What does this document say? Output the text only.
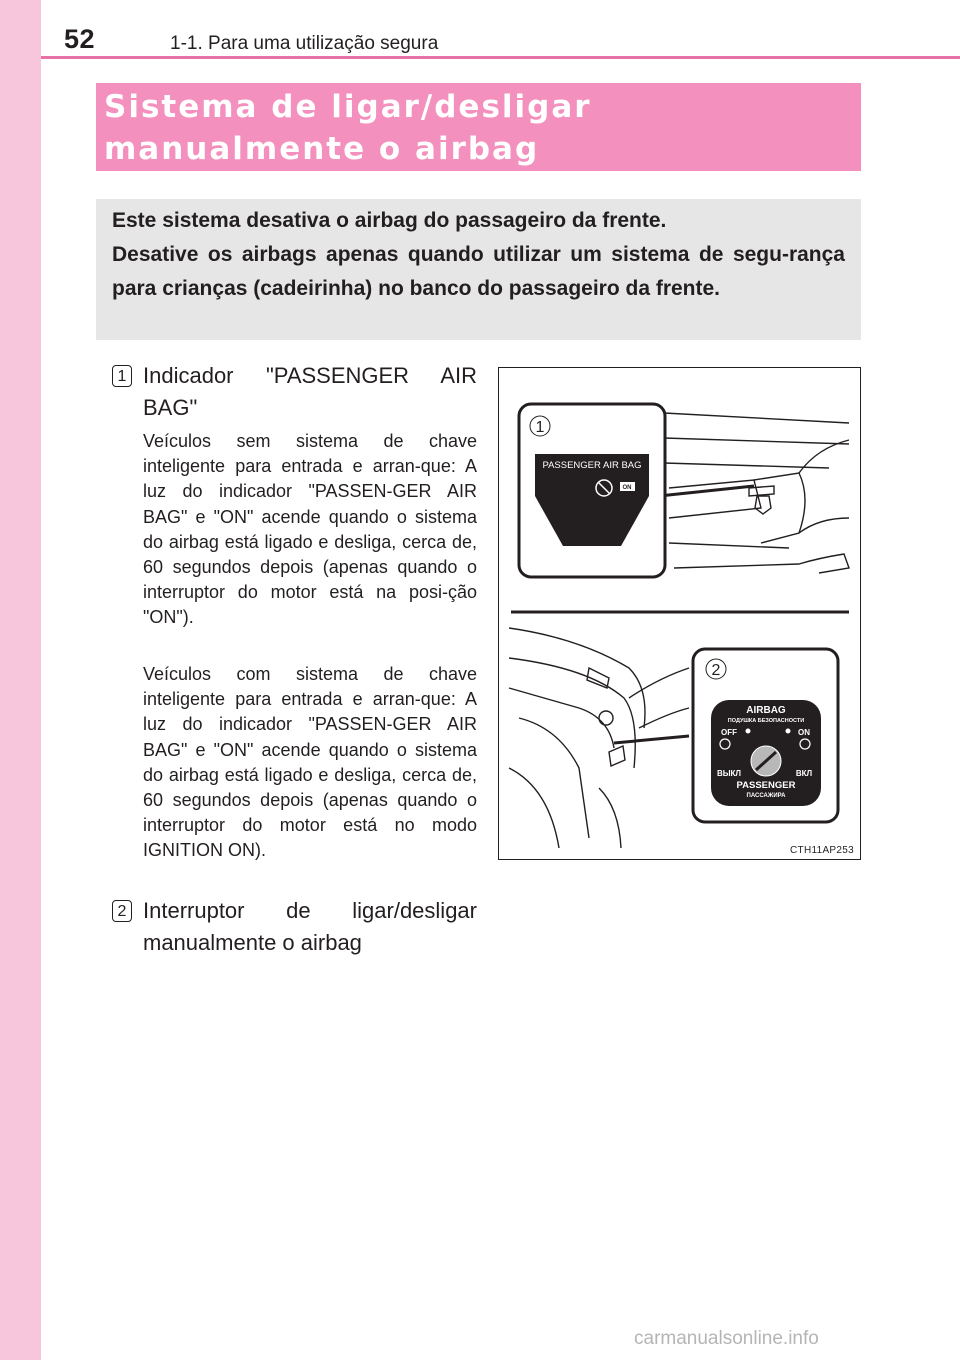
52	1-1. Para uma utilização segura
Sistema de ligar/desligar manualmente o airbag

Este sistema desativa o airbag do passageiro da frente.

Desative os airbags apenas quando utilizar um sistema de segu-rança para crianças (cadeirinha) no banco do passageiro da frente.

1 Indicador "PASSENGER AIR BAG"

Veículos sem sistema de chave inteligente para entrada e arran-que: A luz do indicador "PASSEN-GER AIR BAG" e "ON" acende quando o sistema do airbag está ligado e desliga, cerca de, 60 segundos depois (apenas quando o interruptor do motor está na posi-ção "ON").

Veículos com sistema de chave inteligente para entrada e arran-que: A luz do indicador "PASSEN-GER AIR BAG" e "ON" acende quando o sistema do airbag está ligado e desliga, cerca de, 60 segundos depois (apenas quando o interruptor do motor está no modo IGNITION ON).

2 Interruptor de ligar/desligar manualmente o airbag
1
2
PASSENGER AIR BAG
ON
AIRBAG
ПОДУШКА БЕЗОПАСНОСТИ
OFF	ON
ВЫКЛ	ВКЛ
PASSENGER
ПАССАЖИРА
CTH11AP253
carmanualsonline.info
